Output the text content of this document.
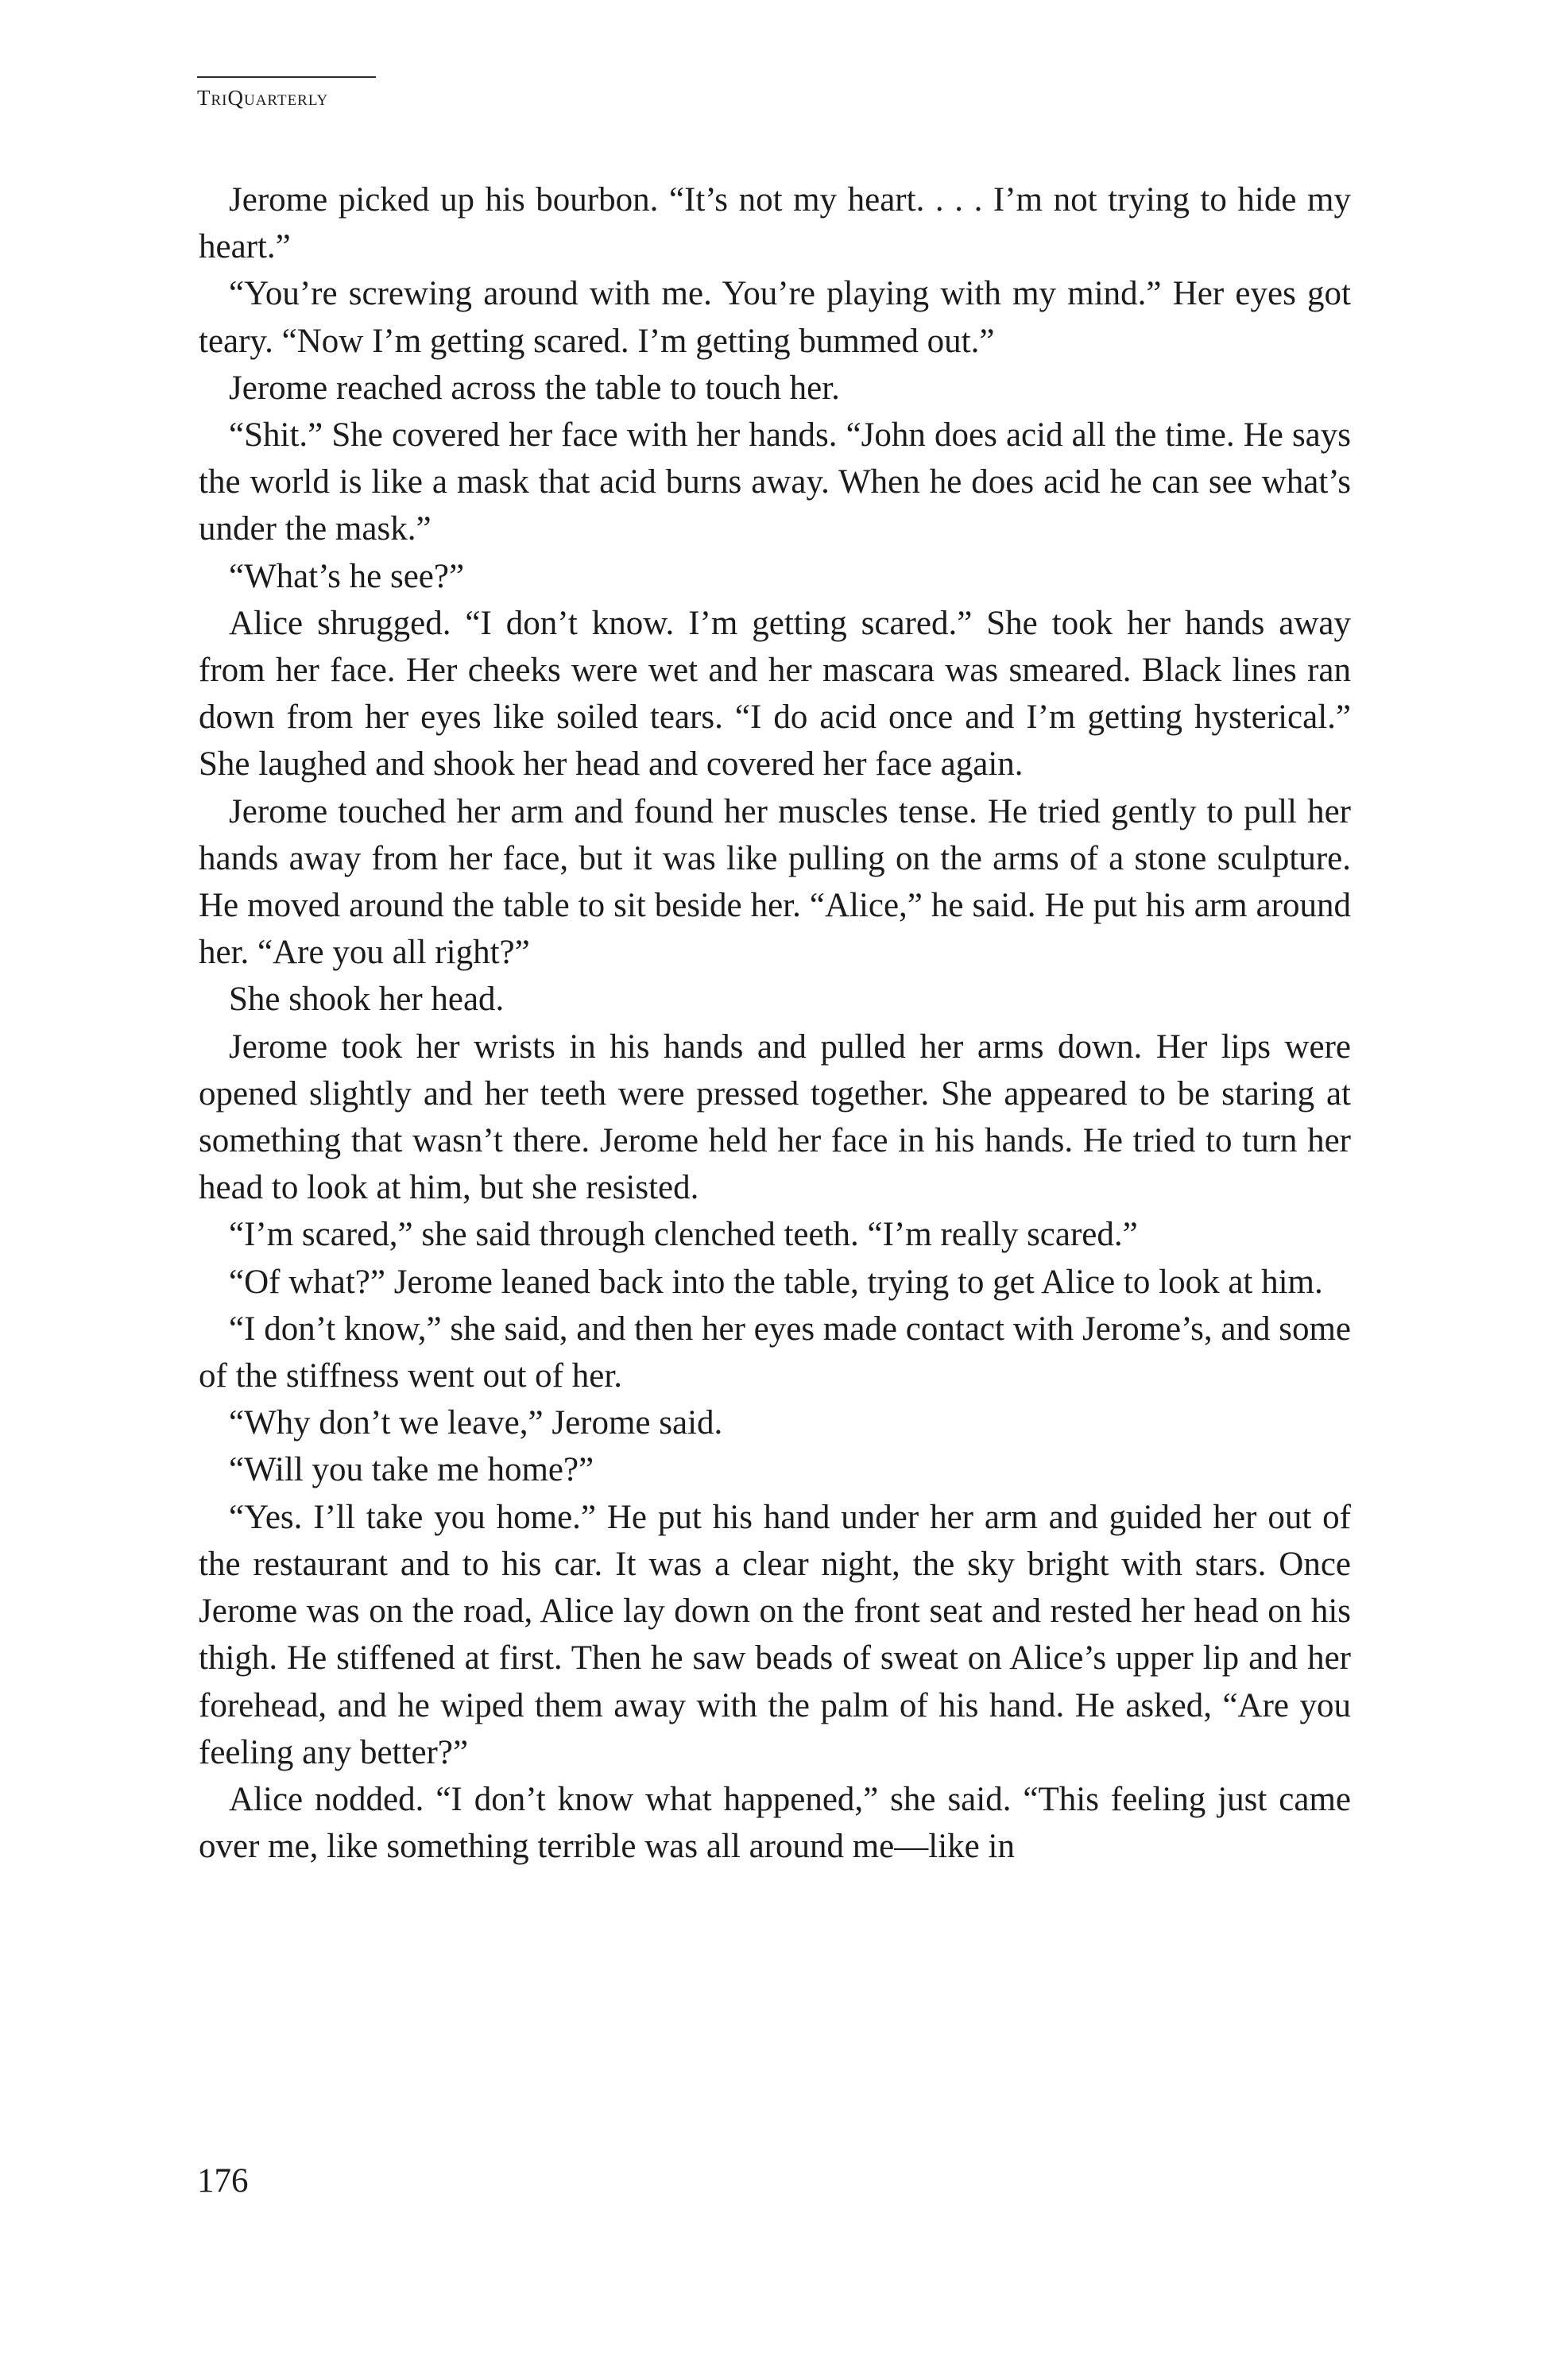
TriQuarterly

Jerome picked up his bourbon. “It’s not my heart. . . . I’m not trying to hide my heart.”

“You’re screwing around with me. You’re playing with my mind.” Her eyes got teary. “Now I’m getting scared. I’m getting bummed out.”

Jerome reached across the table to touch her.

“Shit.” She covered her face with her hands. “John does acid all the time. He says the world is like a mask that acid burns away. When he does acid he can see what’s under the mask.”

“What’s he see?”

Alice shrugged. “I don’t know. I’m getting scared.” She took her hands away from her face. Her cheeks were wet and her mascara was smeared. Black lines ran down from her eyes like soiled tears. “I do acid once and I’m getting hysterical.” She laughed and shook her head and covered her face again.

Jerome touched her arm and found her muscles tense. He tried gently to pull her hands away from her face, but it was like pulling on the arms of a stone sculpture. He moved around the table to sit beside her. “Alice,” he said. He put his arm around her. “Are you all right?”

She shook her head.

Jerome took her wrists in his hands and pulled her arms down. Her lips were opened slightly and her teeth were pressed together. She appeared to be staring at something that wasn’t there. Jerome held her face in his hands. He tried to turn her head to look at him, but she resisted.

“I’m scared,” she said through clenched teeth. “I’m really scared.”

“Of what?” Jerome leaned back into the table, trying to get Alice to look at him.

“I don’t know,” she said, and then her eyes made contact with Jerome’s, and some of the stiffness went out of her.

“Why don’t we leave,” Jerome said.

“Will you take me home?”

“Yes. I’ll take you home.” He put his hand under her arm and guided her out of the restaurant and to his car. It was a clear night, the sky bright with stars. Once Jerome was on the road, Alice lay down on the front seat and rested her head on his thigh. He stiffened at first. Then he saw beads of sweat on Alice’s upper lip and her forehead, and he wiped them away with the palm of his hand. He asked, “Are you feeling any better?”

Alice nodded. “I don’t know what happened,” she said. “This feeling just came over me, like something terrible was all around me—like in

176
